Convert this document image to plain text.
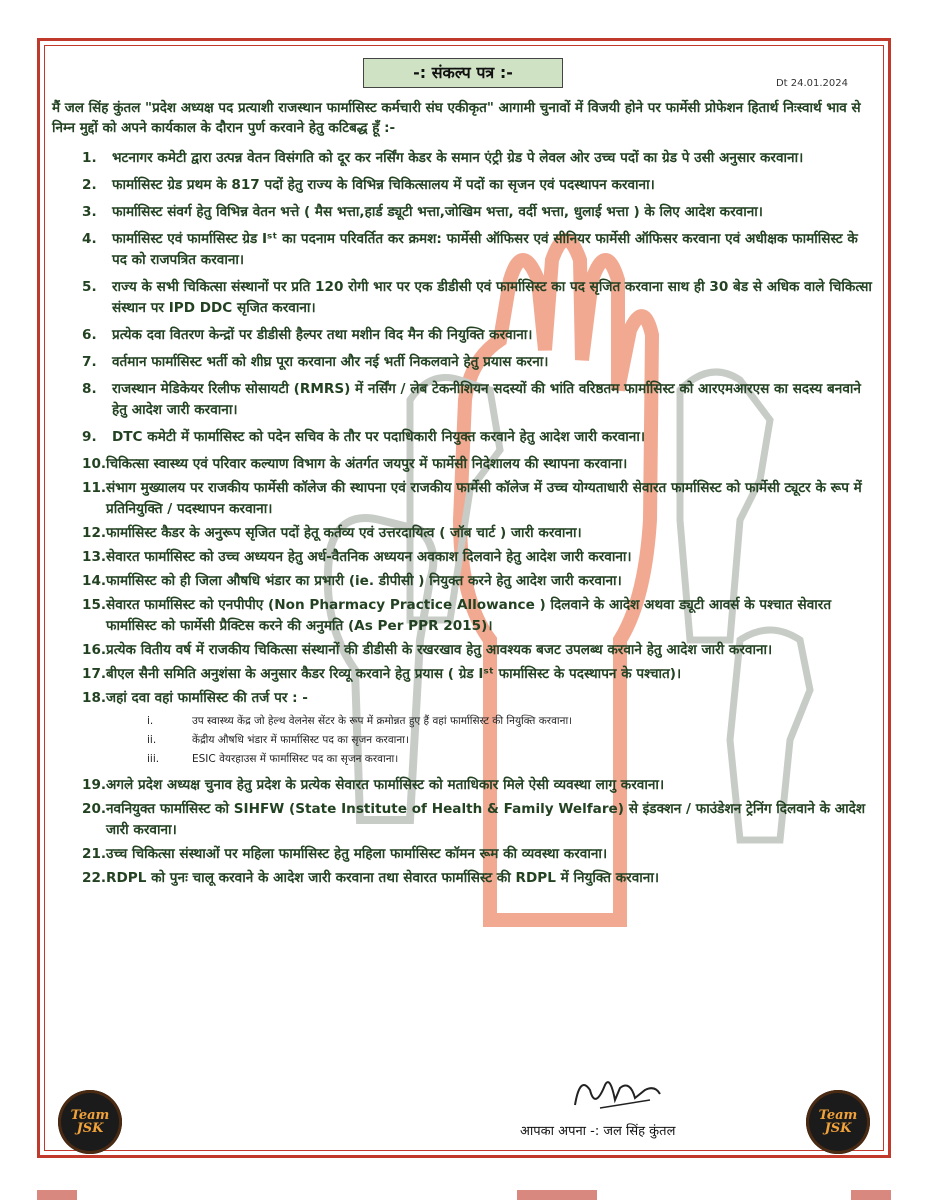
-: संकल्प पत्र :-
Dt 24.01.2024
मैं जल सिंह कुंतल "प्रदेश अध्यक्ष पद प्रत्याशी राजस्थान फार्मासिस्ट कर्मचारी संघ एकीकृत" आगामी चुनावों में विजयी होने पर फार्मेसी प्रोफेशन हितार्थ निःस्वार्थ भाव से निम्न मुद्दों को अपने कार्यकाल के दौरान पुर्ण करवाने हेतु कटिबद्ध हूँ :-
1.	भटनागर कमेटी द्वारा उत्पन्न वेतन विसंगति को दूर कर नर्सिंग केडर के समान एंट्री ग्रेड पे लेवल ओर उच्च पदों का ग्रेड पे उसी अनुसार करवाना।
2.	फार्मासिस्ट ग्रेड प्रथम के 817 पदों हेतु राज्य के विभिन्न चिकित्सालय में पदों का सृजन एवं पदस्थापन करवाना।
3.	फार्मासिस्ट संवर्ग हेतु विभिन्न वेतन भत्ते ( मैस भत्ता,हार्ड ड्यूटी भत्ता,जोखिम भत्ता, वर्दी भत्ता, धुलाई भत्ता ) के लिए आदेश करवाना।
4.	फार्मासिस्ट एवं फार्मासिस्ट ग्रेड Iˢᵗ का पदनाम परिवर्तित कर क्रमश: फार्मेसी ऑफिसर एवं सीनियर फार्मेसी ऑफिसर करवाना एवं अधीक्षक फार्मासिस्ट के पद को राजपत्रित करवाना।
5.	राज्य के सभी चिकित्सा संस्थानों पर प्रति 120 रोगी भार पर एक डीडीसी एवं फार्मासिस्ट का पद सृजित करवाना साथ ही 30 बेड से अधिक वाले चिकित्सा संस्थान पर IPD DDC सृजित करवाना।
6.	प्रत्येक दवा वितरण केन्द्रों पर डीडीसी हैल्पर तथा मशीन विद मैन की नियुक्ति करवाना।
7.	वर्तमान फार्मासिस्ट भर्ती को शीघ्र पूरा करवाना और नई भर्ती निकलवाने हेतु प्रयास करना।
8.	राजस्थान मेडिकेयर रिलीफ सोसायटी (RMRS) में नर्सिंग / लेब टेकनीशियन सदस्यों की भांति वरिष्ठतम फार्मासिस्ट को आरएमआरएस का सदस्य बनवाने हेतु आदेश जारी करवाना।
9.	DTC कमेटी में फार्मासिस्ट को पदेन सचिव के तौर पर पदाधिकारी नियुक्त करवाने हेतु आदेश जारी करवाना।
10. चिकित्सा स्वास्थ्य एवं परिवार कल्याण विभाग के अंतर्गत जयपुर में फार्मेसी निदेशालय की स्थापना करवाना।
11. संभाग मुख्यालय पर राजकीय फार्मेसी कॉलेज की स्थापना एवं राजकीय फार्मेसी कॉलेज में उच्च योग्यताधारी सेवारत फार्मासिस्ट को फार्मेसी ट्यूटर के रूप में प्रतिनियुक्ति / पदस्थापन करवाना।
12. फार्मासिस्ट कैडर के अनुरूप सृजित पदों हेतू कर्तव्य एवं उत्तरदायित्व ( जॉब चार्ट ) जारी करवाना।
13. सेवारत फार्मासिस्ट को उच्च अध्ययन हेतु अर्ध-वैतनिक अध्ययन अवकाश दिलवाने हेतु आदेश जारी करवाना।
14. फार्मासिस्ट को ही जिला औषधि भंडार का प्रभारी (ie. डीपीसी ) नियुक्त करने हेतु आदेश जारी करवाना।
15. सेवारत फार्मासिस्ट को एनपीपीए (Non Pharmacy Practice Allowance ) दिलवाने के आदेश अथवा ड्यूटी आवर्स के पश्चात सेवारत फार्मासिस्ट को फार्मेसी प्रैक्टिस करने की अनुमति (As Per PPR 2015)।
16. प्रत्येक वितीय वर्ष में राजकीय चिकित्सा संस्थानों की डीडीसी के रखरखाव हेतु आवश्यक बजट उपलब्ध करवाने हेतु आदेश जारी करवाना।
17. बीएल सैनी समिति अनुशंसा के अनुसार कैडर रिव्यू करवाने हेतु प्रयास ( ग्रेड Iˢᵗ फार्मासिस्ट के पदस्थापन के पश्चात)।
18. जहां दवा वहां फार्मासिस्ट की तर्ज पर : -
i.	उप स्वास्थ्य केंद्र जो हेल्थ वेलनेस सेंटर के रूप में क्रमोन्नत हुए हैं वहां फार्मासिस्ट की नियुक्ति करवाना।
ii.	केंद्रीय औषधि भंडार में फार्मासिस्ट पद का सृजन करवाना।
iii.	ESIC वेयरहाउस में फार्मासिस्ट पद का सृजन करवाना।
19. अगले प्रदेश अध्यक्ष चुनाव हेतु प्रदेश के प्रत्येक सेवारत फार्मासिस्ट को मताधिकार मिले ऐसी व्यवस्था लागु करवाना।
20. नवनियुक्त फार्मासिस्ट को SIHFW (State Institute of Health & Family Welfare) से इंडक्शन / फाउंडेशन ट्रेनिंग दिलवाने के आदेश जारी करवाना।
21. उच्च चिकित्सा संस्थाओं पर महिला फार्मासिस्ट हेतु महिला फार्मासिस्ट कॉमन रूम की व्यवस्था करवाना।
22. RDPL को पुनः चालू करवाने के आदेश जारी करवाना तथा सेवारत फार्मासिस्ट की RDPL में नियुक्ति करवाना।
Team JSK
Team JSK
आपका अपना -: जल सिंह कुंतल
